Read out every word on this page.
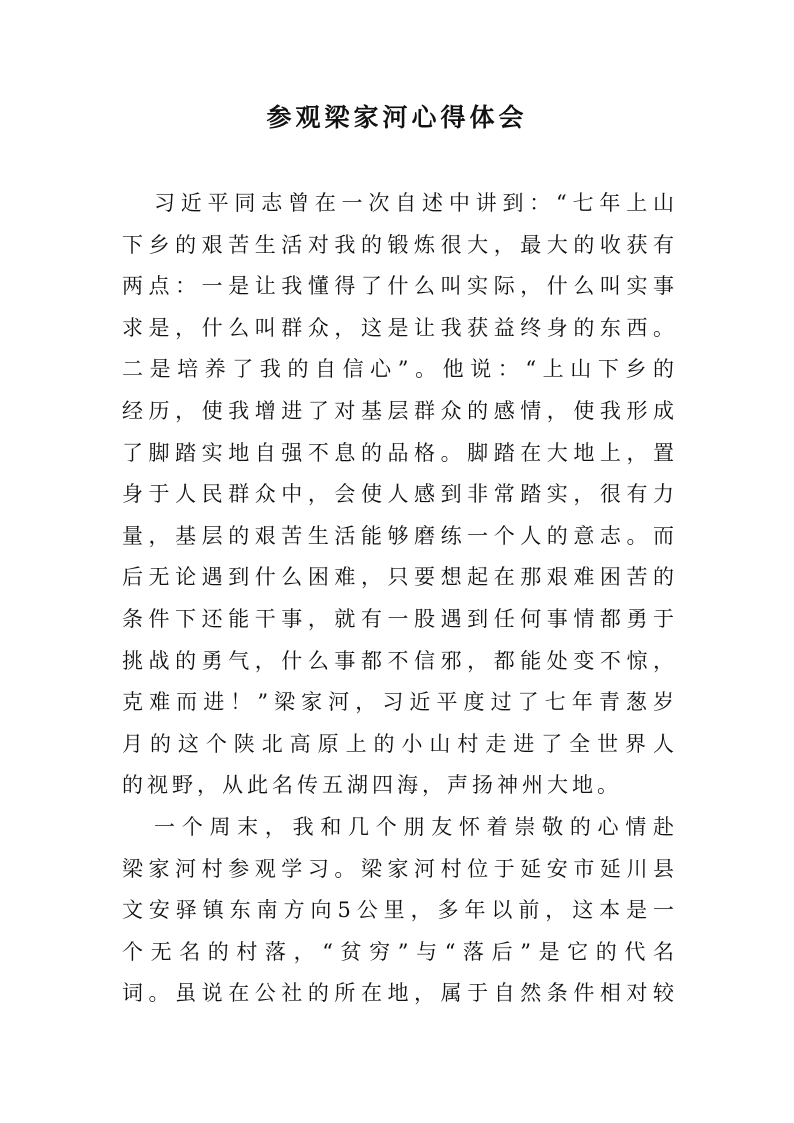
参观梁家河心得体会
习近平同志曾在一次自述中讲到：“七年上山
下乡的艰苦生活对我的锻炼很大，最大的收获有
两点：一是让我懂得了什么叫实际，什么叫实事
求是，什么叫群众，这是让我获益终身的东西。
二是培养了我的自信心”。他说：“上山下乡的
经历，使我增进了对基层群众的感情，使我形成
了脚踏实地自强不息的品格。脚踏在大地上，置
身于人民群众中，会使人感到非常踏实，很有力
量，基层的艰苦生活能够磨练一个人的意志。而
后无论遇到什么困难，只要想起在那艰难困苦的
条件下还能干事，就有一股遇到任何事情都勇于
挑战的勇气，什么事都不信邪，都能处变不惊，
克难而进！”梁家河，习近平度过了七年青葱岁
月的这个陕北高原上的小山村走进了全世界人
的视野，从此名传五湖四海，声扬神州大地。
一个周末，我和几个朋友怀着崇敬的心情赴
梁家河村参观学习。梁家河村位于延安市延川县
文安驿镇东南方向5公里，多年以前，这本是一
个无名的村落，“贫穷”与“落后”是它的代名
词。虽说在公社的所在地，属于自然条件相对较
